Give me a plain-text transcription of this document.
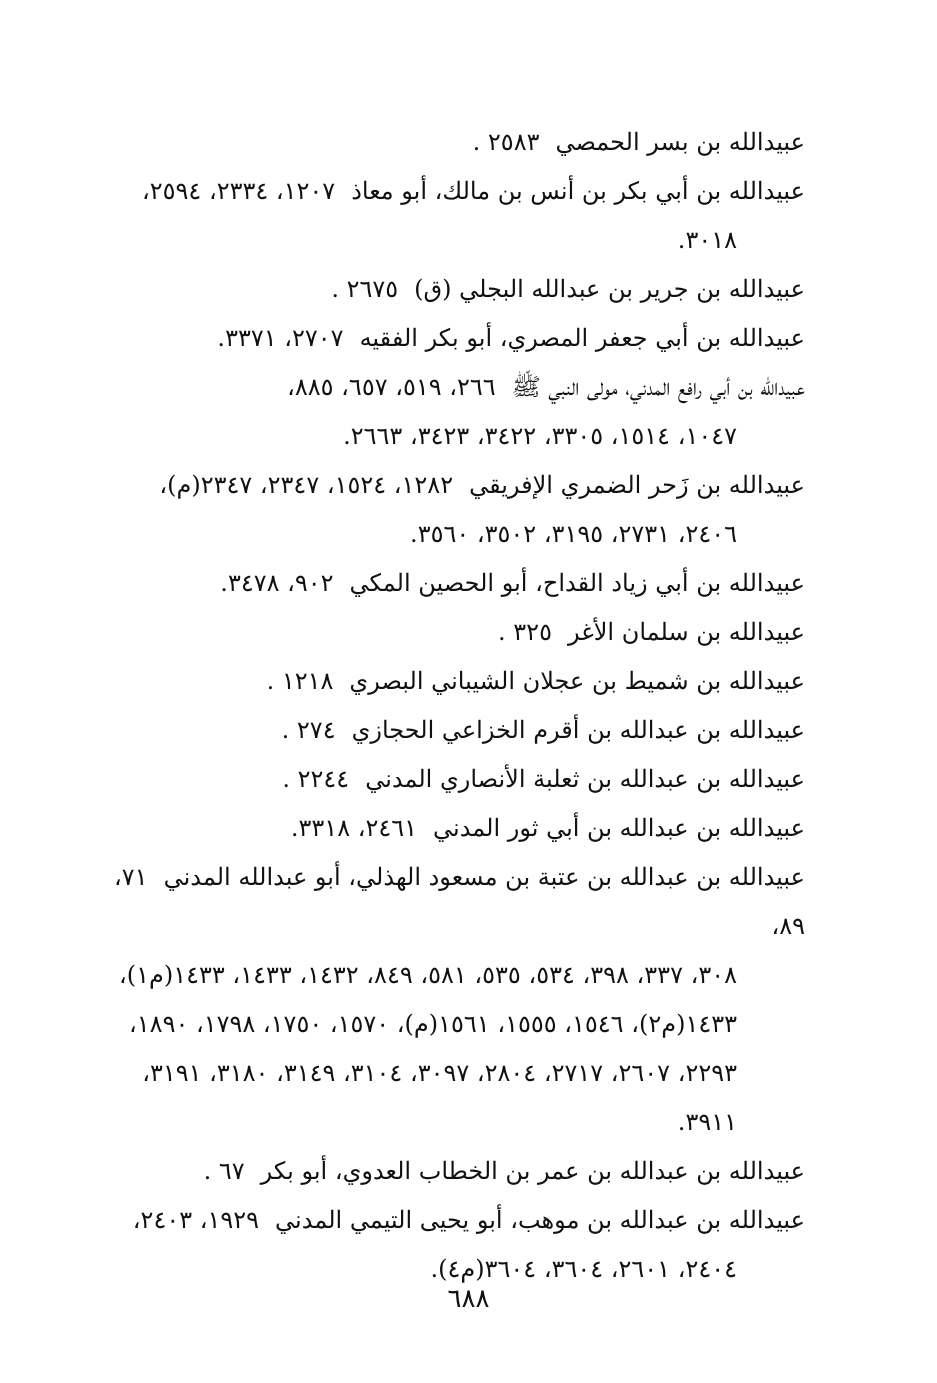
عبيدالله بن بسر الحمصي٢٥٨٣ .

عبيدالله بن أبي بكر بن أنس بن مالك، أبو معاذ١٢٠٧، ٢٣٣٤، ٢٥٩٤،
٣٠١٨.

عبيدالله بن جرير بن عبدالله البجلي (ق)٢٦٧٥ .

عبيدالله بن أبي جعفر المصري، أبو بكر الفقيه٢٧٠٧، ٣٣٧١.

عبيدالله بن أبي رافع المدني، مولى النبي ﷺ٢٦٦، ٥١٩، ٦٥٧، ٨٨٥،
١٠٤٧، ١٥١٤، ٣٣٠٥، ٣٤٢٢، ٣٤٢٣، ٢٦٦٣.

عبيدالله بن زَحر الضمري الإفريقي١٢٨٢، ١٥٢٤، ٢٣٤٧، ٢٣٤٧(م)،
٢٤٠٦، ٢٧٣١، ٣١٩٥، ٣٥٠٢، ٣٥٦٠.

عبيدالله بن أبي زياد القداح، أبو الحصين المكي٩٠٢، ٣٤٧٨.

عبيدالله بن سلمان الأغر٣٢٥ .

عبيدالله بن شميط بن عجلان الشيباني البصري١٢١٨ .

عبيدالله بن عبدالله بن أقرم الخزاعي الحجازي٢٧٤ .

عبيدالله بن عبدالله بن ثعلبة الأنصاري المدني٢٢٤٤ .

عبيدالله بن عبدالله بن أبي ثور المدني٢٤٦١، ٣٣١٨.

عبيدالله بن عبدالله بن عتبة بن مسعود الهذلي، أبو عبدالله المدني٧١، ٨٩،
٣٠٨، ٣٣٧، ٣٩٨، ٥٣٤، ٥٣٥، ٥٨١، ٨٤٩، ١٤٣٢، ١٤٣٣، ١٤٣٣(م١)، ١٤٣٣(م٢)، ١٥٤٦، ١٥٥٥، ١٥٦١(م)، ١٥٧٠، ١٧٥٠، ١٧٩٨، ١٨٩٠، ٢٢٩٣، ٢٦٠٧، ٢٧١٧، ٢٨٠٤، ٣٠٩٧، ٣١٠٤، ٣١٤٩، ٣١٨٠، ٣١٩١، ٣٩١١.

عبيدالله بن عبدالله بن عمر بن الخطاب العدوي، أبو بكر٦٧ .

عبيدالله بن عبدالله بن موهب، أبو يحيى التيمي المدني١٩٢٩، ٢٤٠٣،
٢٤٠٤، ٢٦٠١، ٣٦٠٤، ٣٦٠٤(م٤).

٦٨٨
